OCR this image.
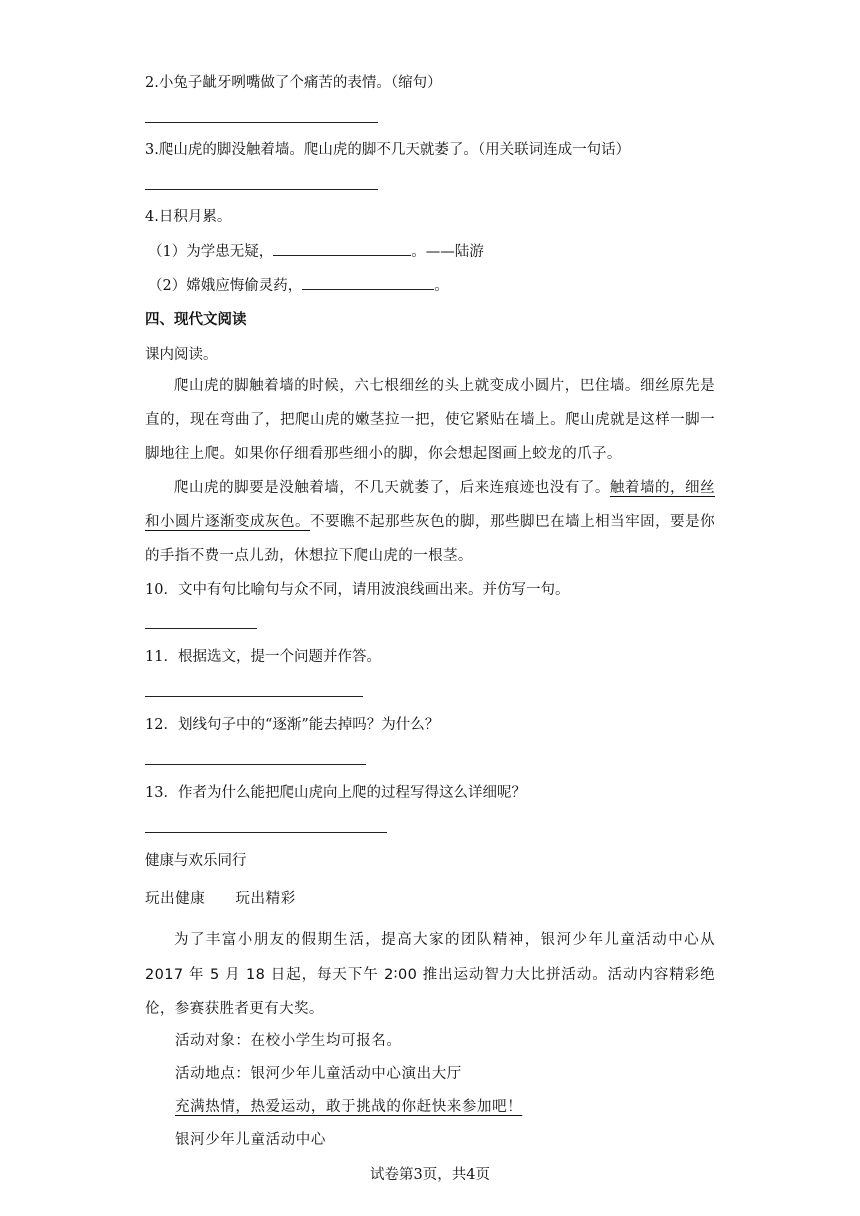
2.小兔子龇牙咧嘴做了个痛苦的表情。（缩句）
3.爬山虎的脚没触着墙。爬山虎的脚不几天就萎了。（用关联词连成一句话）
4.日积月累。
（1）为学患无疑，	。——陆游
（2）嫦娥应悔偷灵药，	。
四、现代文阅读
课内阅读。
爬山虎的脚触着墙的时候，六七根细丝的头上就变成小圆片，巴住墙。细丝原先是直的，现在弯曲了，把爬山虎的嫩茎拉一把，使它紧贴在墙上。爬山虎就是这样一脚一脚地往上爬。如果你仔细看那些细小的脚，你会想起图画上蛟龙的爪子。
爬山虎的脚要是没触着墙，不几天就萎了，后来连痕迹也没有了。触着墙的，细丝和小圆片逐渐变成灰色。不要瞧不起那些灰色的脚，那些脚巴在墙上相当牢固，要是你的手指不费一点儿劲，休想拉下爬山虎的一根茎。
10．文中有句比喻句与众不同，请用波浪线画出来。并仿写一句。
11．根据选文，提一个问题并作答。
12．划线句子中的“逐渐”能去掉吗？为什么？
13．作者为什么能把爬山虎向上爬的过程写得这么详细呢？
健康与欢乐同行
玩出健康 玩出精彩
为了丰富小朋友的假期生活，提高大家的团队精神，银河少年儿童活动中心从 2017 年 5 月 18 日起，每天下午 2∶00 推出运动智力大比拼活动。活动内容精彩绝伦，参赛获胜者更有大奖。
活动对象：在校小学生均可报名。
活动地点：银河少年儿童活动中心演出大厅
充满热情，热爱运动，敢于挑战的你赶快来参加吧！
银河少年儿童活动中心
试卷第3页，共4页
